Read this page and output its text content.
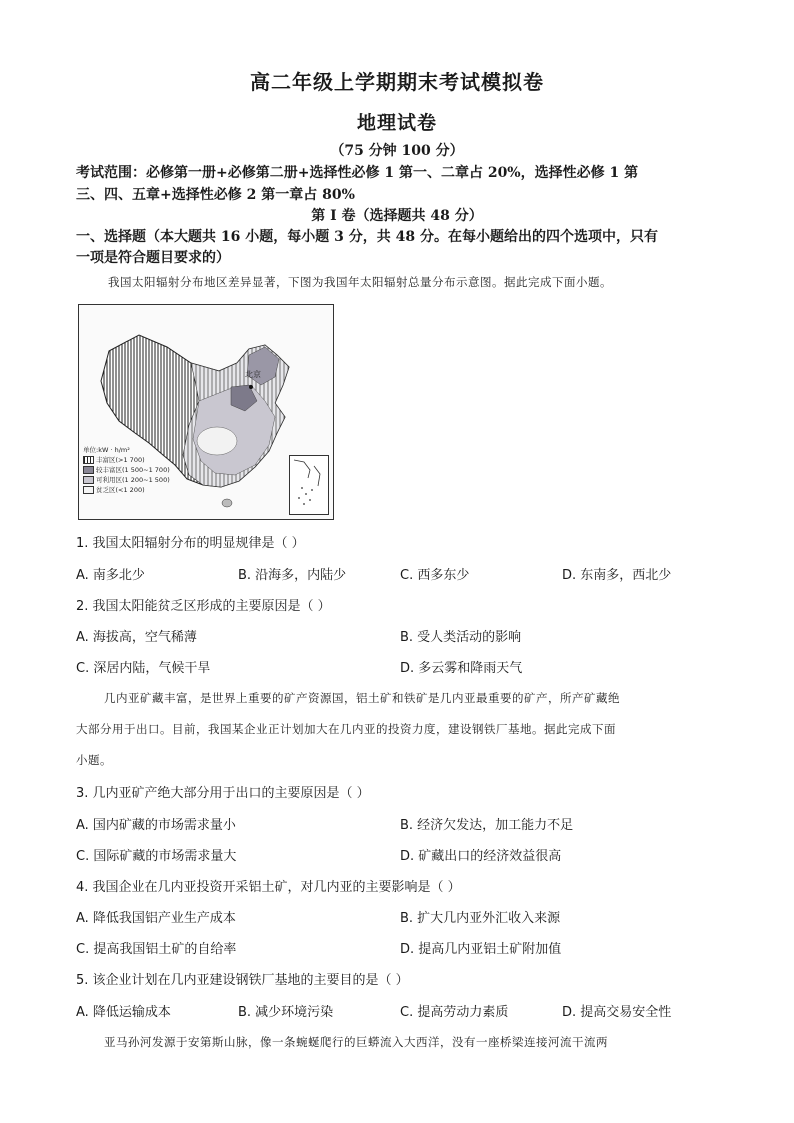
高二年级上学期期末考试模拟卷
地理试卷
（75 分钟 100 分）
考试范围：必修第一册+必修第二册+选择性必修 1 第一、二章占 20%，选择性必修 1 第
三、四、五章+选择性必修 2 第一章占 80%
第 I 卷（选择题共 48 分）
一、选择题（本大题共 16 小题，每小题 3 分，共 48 分。在每小题给出的四个选项中，只有
一项是符合题目要求的）
我国太阳辐射分布地区差异显著，下图为我国年太阳辐射总量分布示意图。据此完成下面小题。
北京
单位:kW · h/m²
丰富区(>1 700)
较丰富区(1 500~1 700)
可利用区(1 200~1 500)
贫乏区(<1 200)
1. 我国太阳辐射分布的明显规律是（ ）
A. 南多北少	B. 沿海多，内陆少	C. 西多东少	D. 东南多，西北少
2. 我国太阳能贫乏区形成的主要原因是（ ）
A. 海拔高，空气稀薄	B. 受人类活动的影响
C. 深居内陆，气候干旱	D. 多云雾和降雨天气
几内亚矿藏丰富，是世界上重要的矿产资源国，铝土矿和铁矿是几内亚最重要的矿产，所产矿藏绝
大部分用于出口。目前，我国某企业正计划加大在几内亚的投资力度，建设钢铁厂基地。据此完成下面
小题。
3. 几内亚矿产绝大部分用于出口的主要原因是（ ）
A. 国内矿藏的市场需求量小	B. 经济欠发达，加工能力不足
C. 国际矿藏的市场需求量大	D. 矿藏出口的经济效益很高
4. 我国企业在几内亚投资开采铝土矿，对几内亚的主要影响是（ ）
A. 降低我国铝产业生产成本	B. 扩大几内亚外汇收入来源
C. 提高我国铝土矿的自给率	D. 提高几内亚铝土矿附加值
5. 该企业计划在几内亚建设钢铁厂基地的主要目的是（ ）
A. 降低运输成本	B. 减少环境污染	C. 提高劳动力素质	D. 提高交易安全性
亚马孙河发源于安第斯山脉，像一条蜿蜒爬行的巨蟒流入大西洋，没有一座桥梁连接河流干流两
